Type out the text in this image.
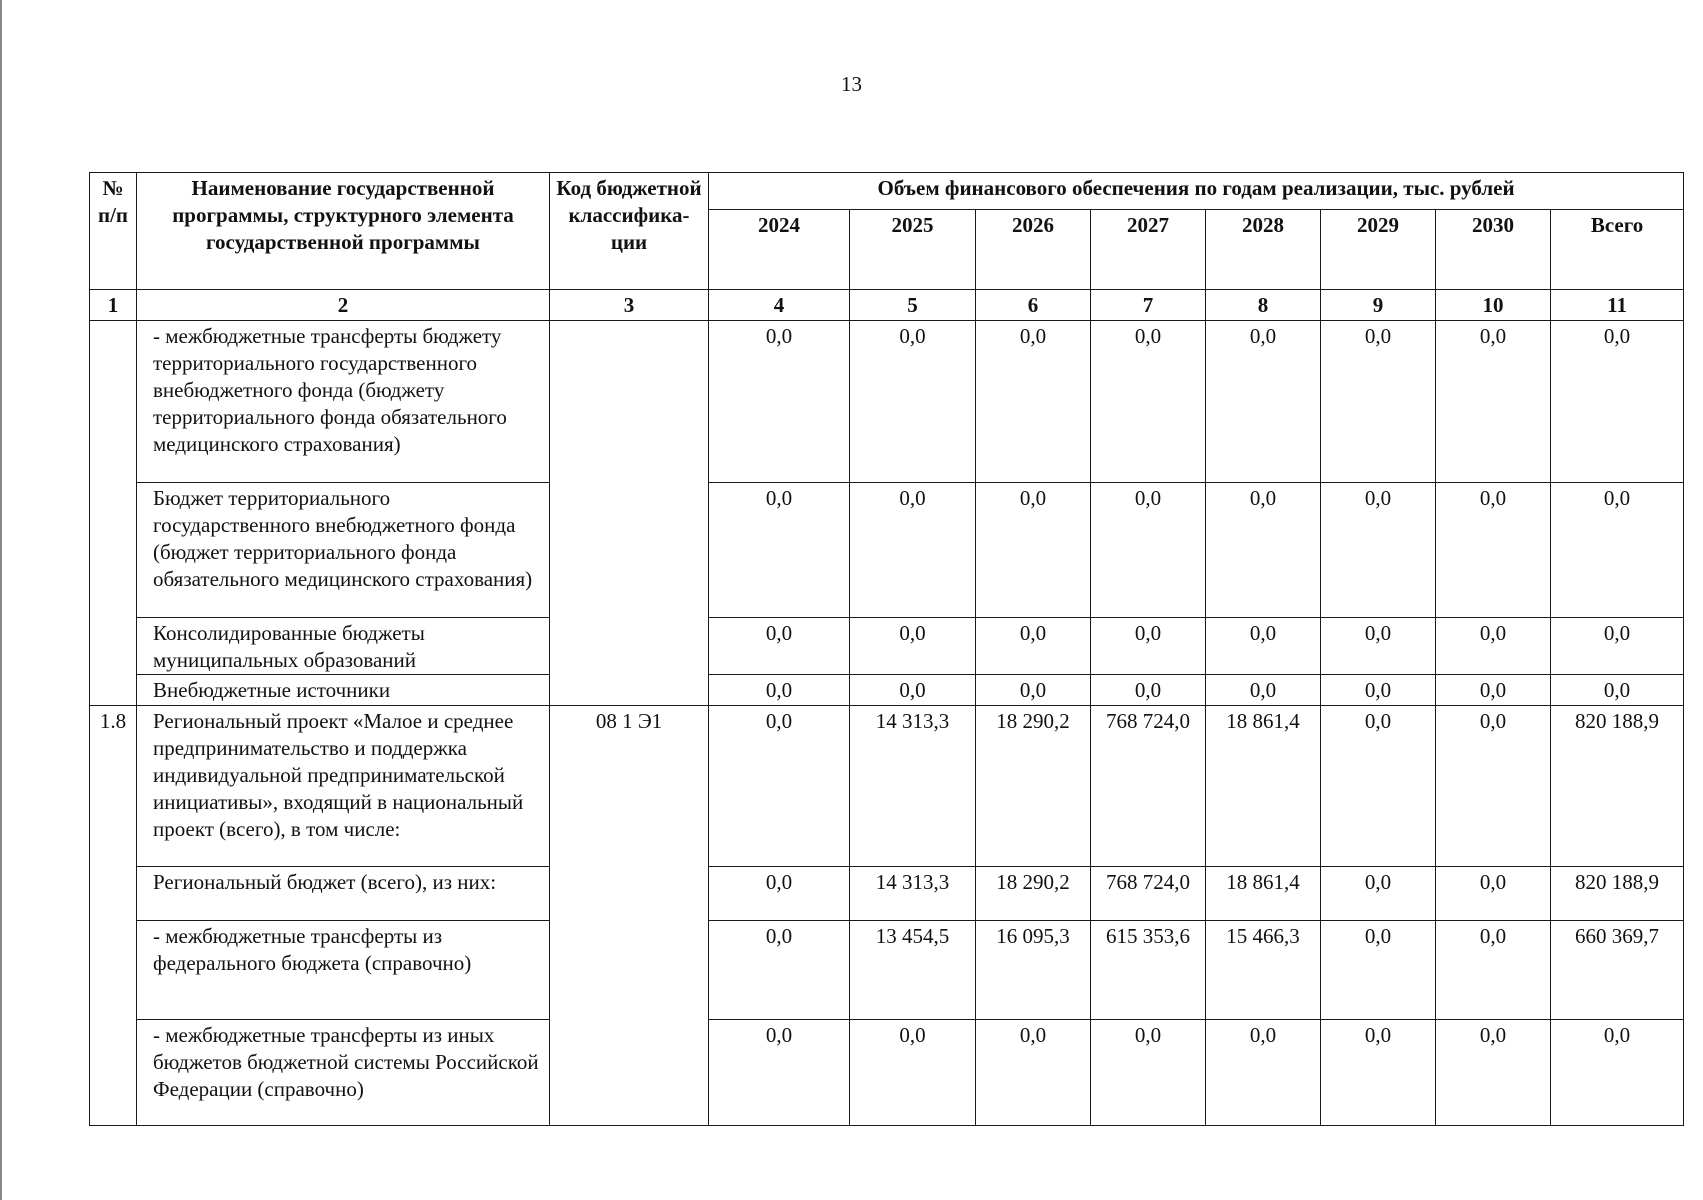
13
№ п/п	Наименование государственной программы, структурного элемента государственной программы	Код бюджетной классифика- ции	Объем финансового обеспечения по годам реализации, тыс. рублей							
			2024	2025	2026	2027	2028	2029	2030	Всего
1	2	3	4	5	6	7	8	9	10	11
	- межбюджетные трансферты бюджету территориального государственного внебюджетного фонда (бюджету территориального фонда обязательного медицинского страхования)		0,0	0,0	0,0	0,0	0,0	0,0	0,0	0,0
	Бюджет территориального государственного внебюджетного фонда (бюджет территориального фонда обязательного медицинского страхования)		0,0	0,0	0,0	0,0	0,0	0,0	0,0	0,0
	Консолидированные бюджеты муниципальных образований		0,0	0,0	0,0	0,0	0,0	0,0	0,0	0,0
	Внебюджетные источники		0,0	0,0	0,0	0,0	0,0	0,0	0,0	0,0
1.8	Региональный проект «Малое и среднее предпринимательство и поддержка индивидуальной предпринимательской инициативы», входящий в национальный проект (всего), в том числе:	08 1 Э1	0,0	14 313,3	18 290,2	768 724,0	18 861,4	0,0	0,0	820 188,9
	Региональный бюджет (всего), из них:		0,0	14 313,3	18 290,2	768 724,0	18 861,4	0,0	0,0	820 188,9
	- межбюджетные трансферты из федерального бюджета (справочно)		0,0	13 454,5	16 095,3	615 353,6	15 466,3	0,0	0,0	660 369,7
	- межбюджетные трансферты из иных бюджетов бюджетной системы Российской Федерации (справочно)		0,0	0,0	0,0	0,0	0,0	0,0	0,0	0,0
